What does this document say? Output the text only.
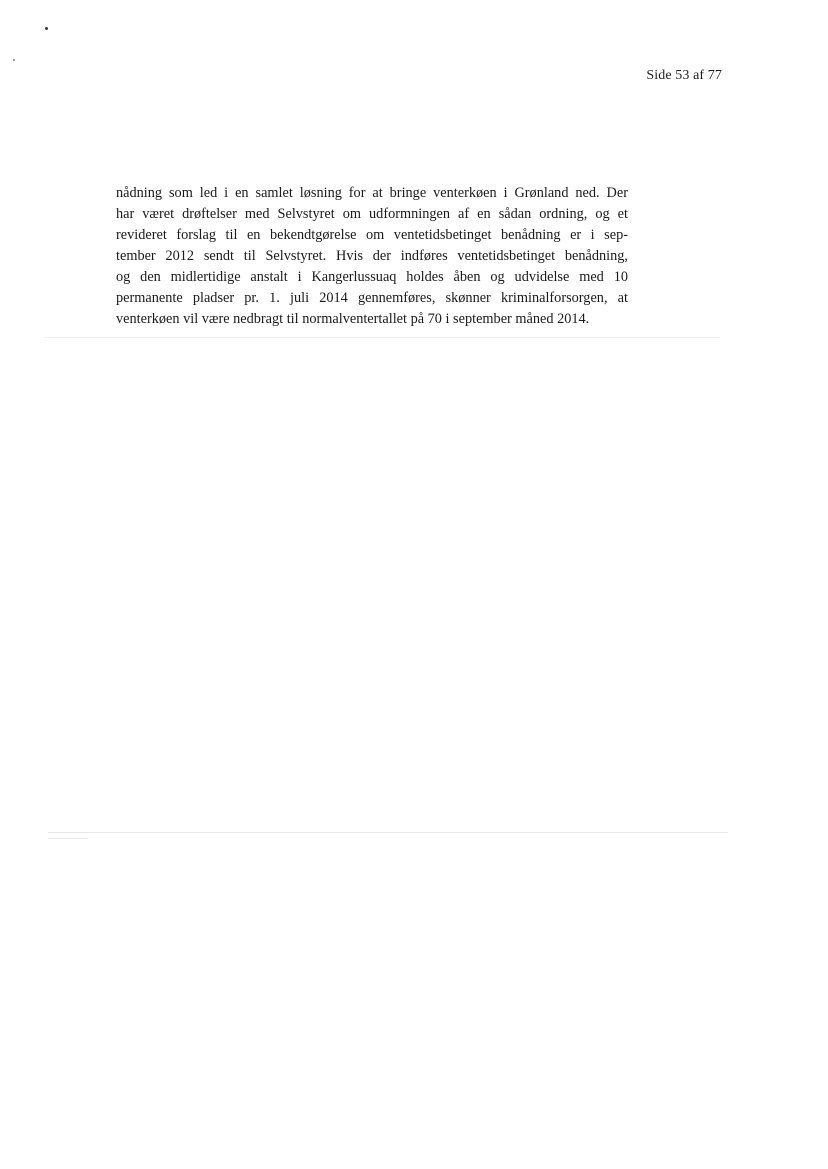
Side 53 af 77

nådning som led i en samlet løsning for at bringe venterkøen i Grønland ned. Der
har været drøftelser med Selvstyret om udformningen af en sådan ordning, og et
revideret forslag til en bekendtgørelse om ventetidsbetinget benådning er i sep-
tember 2012 sendt til Selvstyret. Hvis der indføres ventetidsbetinget benådning,
og den midlertidige anstalt i Kangerlussuaq holdes åben og udvidelse med 10
permanente pladser pr. 1. juli 2014 gennemføres, skønner kriminalforsorgen, at
venterkøen vil være nedbragt til normalventertallet på 70 i september måned 2014.
